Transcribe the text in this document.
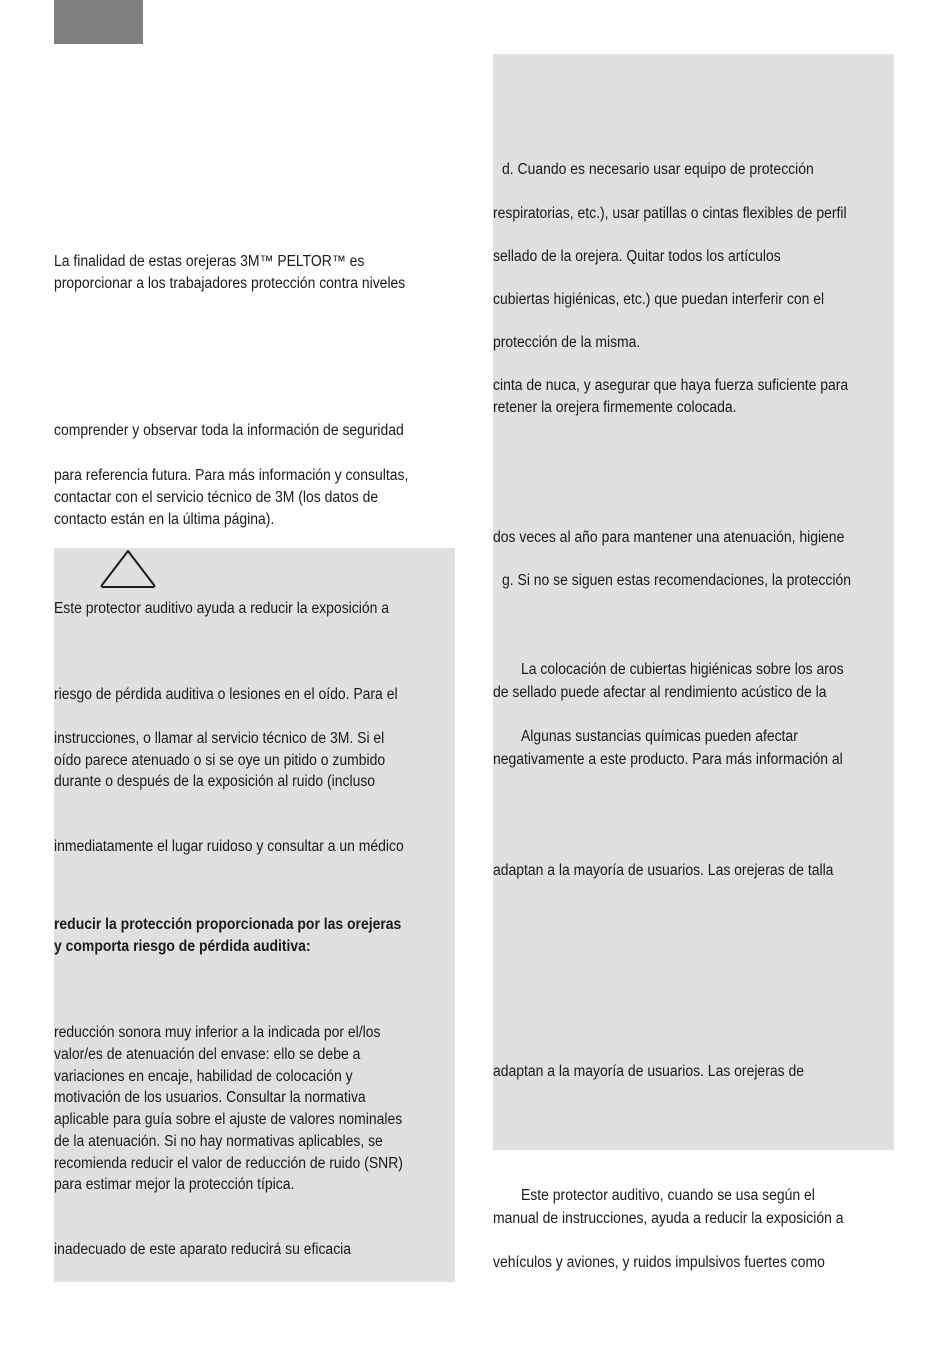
La finalidad de estas orejeras 3M™ PELTOR™ es
proporcionar a los trabajadores protección contra niveles
comprender y observar toda la información de seguridad
para referencia futura. Para más información y consultas,
contactar con el servicio técnico de 3M (los datos de
contacto están en la última página).
Este protector auditivo ayuda a reducir la exposición a
riesgo de pérdida auditiva o lesiones en el oído. Para el
instrucciones, o llamar al servicio técnico de 3M. Si el
oído parece atenuado o si se oye un pitido o zumbido
durante o después de la exposición al ruido (incluso
inmediatamente el lugar ruidoso y consultar a un médico
reducir la protección proporcionada por las orejeras
y comporta riesgo de pérdida auditiva:
reducción sonora muy inferior a la indicada por el/los
valor/es de atenuación del envase: ello se debe a
variaciones en encaje, habilidad de colocación y
motivación de los usuarios. Consultar la normativa
aplicable para guía sobre el ajuste de valores nominales
de la atenuación. Si no hay normativas aplicables, se
recomienda reducir el valor de reducción de ruido (SNR)
para estimar mejor la protección típica.
inadecuado de este aparato reducirá su eficacia
d. Cuando es necesario usar equipo de protección
respiratorias, etc.), usar patillas o cintas flexibles de perfil
sellado de la orejera. Quitar todos los artículos
cubiertas higiénicas, etc.) que puedan interferir con el
protección de la misma.
cinta de nuca, y asegurar que haya fuerza suficiente para
retener la orejera firmemente colocada.
dos veces al año para mantener una atenuación, higiene
g. Si no se siguen estas recomendaciones, la protección
La colocación de cubiertas higiénicas sobre los aros
de sellado puede afectar al rendimiento acústico de la
Algunas sustancias químicas pueden afectar
negativamente a este producto. Para más información al
adaptan a la mayoría de usuarios. Las orejeras de talla
adaptan a la mayoría de usuarios. Las orejeras de
Este protector auditivo, cuando se usa según el
manual de instrucciones, ayuda a reducir la exposición a
vehículos y aviones, y ruidos impulsivos fuertes como
